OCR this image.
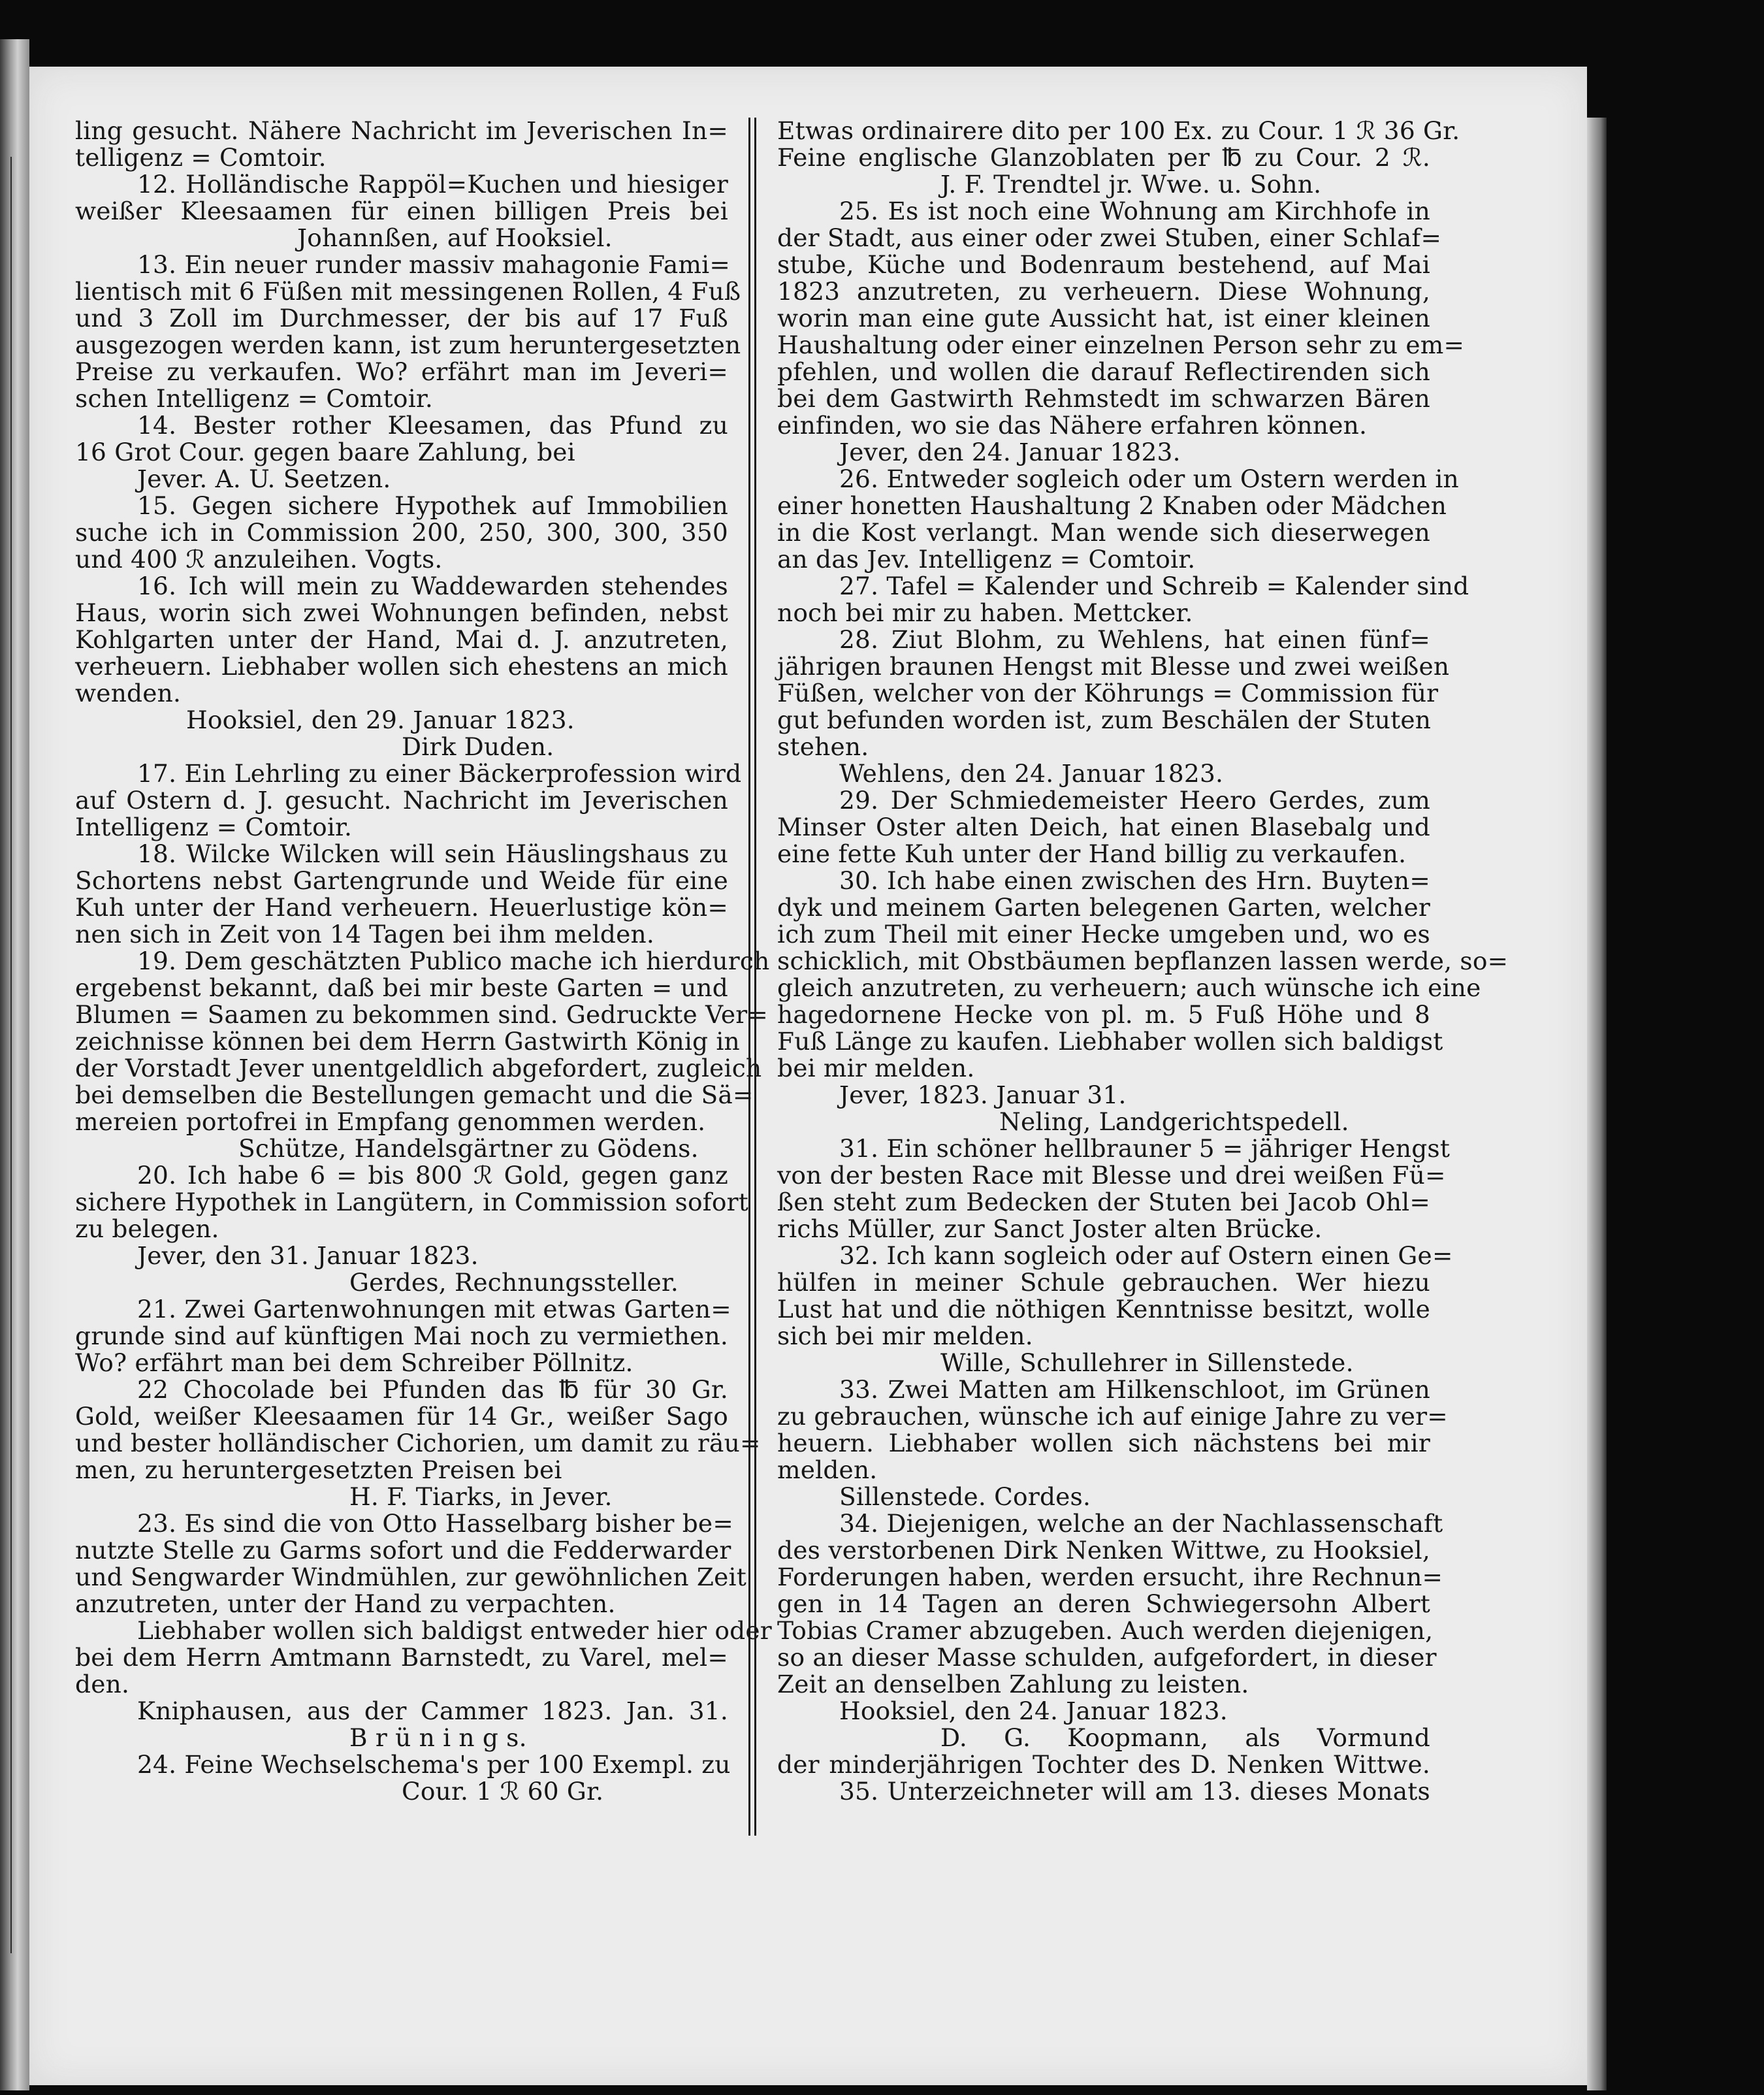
ling gesucht. Nähere Nachricht im Jeverischen In=
telligenz = Comtoir.
12. Holländische Rappöl=Kuchen und hiesiger
weißer Kleesaamen für einen billigen Preis bei
Johannßen, auf Hooksiel.
13. Ein neuer runder massiv mahagonie Fami=
lientisch mit 6 Füßen mit messingenen Rollen, 4 Fuß
und 3 Zoll im Durchmesser, der bis auf 17 Fuß
ausgezogen werden kann, ist zum heruntergesetzten
Preise zu verkaufen. Wo? erfährt man im Jeveri=
schen Intelligenz = Comtoir.
14. Bester rother Kleesamen, das Pfund zu
16 Grot Cour. gegen baare Zahlung, bei
Jever. A. U. Seetzen.
15. Gegen sichere Hypothek auf Immobilien
suche ich in Commission 200, 250, 300, 300, 350
und 400 ℛ anzuleihen. Vogts.
16. Ich will mein zu Waddewarden stehendes
Haus, worin sich zwei Wohnungen befinden, nebst
Kohlgarten unter der Hand, Mai d. J. anzutreten,
verheuern. Liebhaber wollen sich ehestens an mich
wenden.
Hooksiel, den 29. Januar 1823.
Dirk Duden.
17. Ein Lehrling zu einer Bäckerprofession wird
auf Ostern d. J. gesucht. Nachricht im Jeverischen
Intelligenz = Comtoir.
18. Wilcke Wilcken will sein Häuslingshaus zu
Schortens nebst Gartengrunde und Weide für eine
Kuh unter der Hand verheuern. Heuerlustige kön=
nen sich in Zeit von 14 Tagen bei ihm melden.
19. Dem geschätzten Publico mache ich hierdurch
ergebenst bekannt, daß bei mir beste Garten = und
Blumen = Saamen zu bekommen sind. Gedruckte Ver=
zeichnisse können bei dem Herrn Gastwirth König in
der Vorstadt Jever unentgeldlich abgefordert, zugleich
bei demselben die Bestellungen gemacht und die Sä=
mereien portofrei in Empfang genommen werden.
Schütze, Handelsgärtner zu Gödens.
20. Ich habe 6 = bis 800 ℛ Gold, gegen ganz
sichere Hypothek in Langütern, in Commission sofort
zu belegen.
Jever, den 31. Januar 1823.
Gerdes, Rechnungssteller.
21. Zwei Gartenwohnungen mit etwas Garten=
grunde sind auf künftigen Mai noch zu vermiethen.
Wo? erfährt man bei dem Schreiber Pöllnitz.
22 Chocolade bei Pfunden das ℔ für 30 Gr.
Gold, weißer Kleesaamen für 14 Gr., weißer Sago
und bester holländischer Cichorien, um damit zu räu=
men, zu heruntergesetzten Preisen bei
H. F. Tiarks, in Jever.
23. Es sind die von Otto Hasselbarg bisher be=
nutzte Stelle zu Garms sofort und die Fedderwarder
und Sengwarder Windmühlen, zur gewöhnlichen Zeit
anzutreten, unter der Hand zu verpachten.
Liebhaber wollen sich baldigst entweder hier oder
bei dem Herrn Amtmann Barnstedt, zu Varel, mel=
den.
Kniphausen, aus der Cammer 1823. Jan. 31.
B r ü n i n g s.
24. Feine Wechselschema's per 100 Exempl. zu
Cour. 1 ℛ 60 Gr.
Etwas ordinairere dito per 100 Ex. zu Cour. 1 ℛ 36 Gr.
Feine englische Glanzoblaten per ℔ zu Cour. 2 ℛ.
J. F. Trendtel jr. Wwe. u. Sohn.
25. Es ist noch eine Wohnung am Kirchhofe in
der Stadt, aus einer oder zwei Stuben, einer Schlaf=
stube, Küche und Bodenraum bestehend, auf Mai
1823 anzutreten, zu verheuern. Diese Wohnung,
worin man eine gute Aussicht hat, ist einer kleinen
Haushaltung oder einer einzelnen Person sehr zu em=
pfehlen, und wollen die darauf Reflectirenden sich
bei dem Gastwirth Rehmstedt im schwarzen Bären
einfinden, wo sie das Nähere erfahren können.
Jever, den 24. Januar 1823.
26. Entweder sogleich oder um Ostern werden in
einer honetten Haushaltung 2 Knaben oder Mädchen
in die Kost verlangt. Man wende sich dieserwegen
an das Jev. Intelligenz = Comtoir.
27. Tafel = Kalender und Schreib = Kalender sind
noch bei mir zu haben. Mettcker.
28. Ziut Blohm, zu Wehlens, hat einen fünf=
jährigen braunen Hengst mit Blesse und zwei weißen
Füßen, welcher von der Köhrungs = Commission für
gut befunden worden ist, zum Beschälen der Stuten
stehen.
Wehlens, den 24. Januar 1823.
29. Der Schmiedemeister Heero Gerdes, zum
Minser Oster alten Deich, hat einen Blasebalg und
eine fette Kuh unter der Hand billig zu verkaufen.
30. Ich habe einen zwischen des Hrn. Buyten=
dyk und meinem Garten belegenen Garten, welcher
ich zum Theil mit einer Hecke umgeben und, wo es
schicklich, mit Obstbäumen bepflanzen lassen werde, so=
gleich anzutreten, zu verheuern; auch wünsche ich eine
hagedornene Hecke von pl. m. 5 Fuß Höhe und 8
Fuß Länge zu kaufen. Liebhaber wollen sich baldigst
bei mir melden.
Jever, 1823. Januar 31.
Neling, Landgerichtspedell.
31. Ein schöner hellbrauner 5 = jähriger Hengst
von der besten Race mit Blesse und drei weißen Fü=
ßen steht zum Bedecken der Stuten bei Jacob Ohl=
richs Müller, zur Sanct Joster alten Brücke.
32. Ich kann sogleich oder auf Ostern einen Ge=
hülfen in meiner Schule gebrauchen. Wer hiezu
Lust hat und die nöthigen Kenntnisse besitzt, wolle
sich bei mir melden.
Wille, Schullehrer in Sillenstede.
33. Zwei Matten am Hilkenschloot, im Grünen
zu gebrauchen, wünsche ich auf einige Jahre zu ver=
heuern. Liebhaber wollen sich nächstens bei mir
melden.
Sillenstede. Cordes.
34. Diejenigen, welche an der Nachlassenschaft
des verstorbenen Dirk Nenken Wittwe, zu Hooksiel,
Forderungen haben, werden ersucht, ihre Rechnun=
gen in 14 Tagen an deren Schwiegersohn Albert
Tobias Cramer abzugeben. Auch werden diejenigen,
so an dieser Masse schulden, aufgefordert, in dieser
Zeit an denselben Zahlung zu leisten.
Hooksiel, den 24. Januar 1823.
D. G. Koopmann, als Vormund
der minderjährigen Tochter des D. Nenken Wittwe.
35. Unterzeichneter will am 13. dieses Monats
